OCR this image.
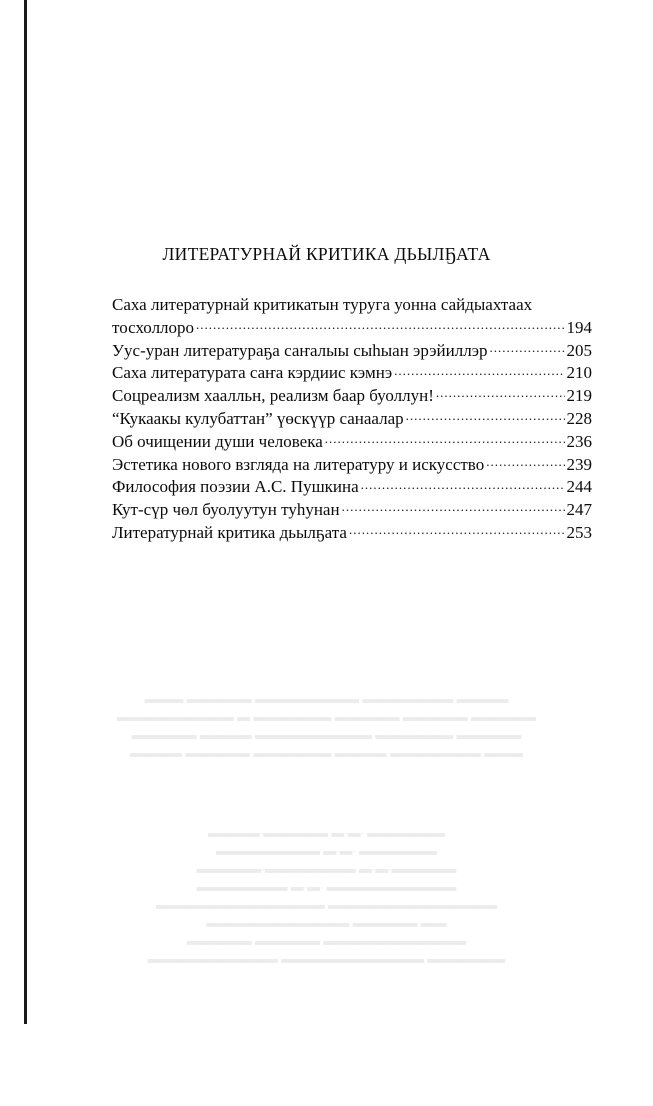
ЛИТЕРАТУРНАЙ КРИТИКА ДЬЫЛҔАТА
Саха литературнай критикатын туруга уонна сайдыахтаах
тосхоллоро .....	194
Уус-уран литератураҕа саҥалыы сыһыан эрэйиллэр .....	205
Саха литературата саҥа кэрдиис кэмнэ .....	210
Соцреализм хаалльн, реализм баар буоллун! .....	219
“Кукаакы кулубаттан” үөскүүр санаалар .....	228
Об очищении души человека .....	236
Эстетика нового взгляда на литературу и искусство .....	239
Философия поэзии А.С. Пушкина .....	244
Кут-сүр чөл буолуутун туһунан .....	247
Литературнай критика дьылҕата .....	253
▬▬▬ ▬▬▬▬▬ ▬▬▬▬▬▬▬▬ ▬▬▬▬▬▬▬ ▬▬▬▬
▬▬▬▬▬▬▬▬▬ ▬ ▬▬▬▬▬▬ ▬▬▬▬▬ ▬▬▬▬▬ ▬▬▬▬▬
▬▬▬▬▬ ▬▬▬▬ ▬▬▬▬▬▬▬▬▬ ▬▬▬▬▬▬ ▬▬▬▬▬
▬▬▬▬ ▬▬▬▬▬ ▬▬▬▬▬▬ ▬▬▬▬ ▬▬▬▬▬▬▬ ▬▬▬
▬▬▬▬▬▬▬▬▬▬ ▬▬▬▬▬▬▬▬▬▬▬ ▬▬▬▬▬▬
▬▬▬▬▬ ▬▬▬▬▬ ▬▬▬▬▬▬▬▬▬▬▬
▬▬▬▬▬▬▬▬▬▬▬ ▬▬▬▬▬ ▬▬
▬▬▬▬▬▬▬▬▬▬▬▬▬ ▬▬▬▬▬▬▬▬▬▬▬▬▬
▬▬▬▬▬▬▬ ▬.▬. ▬▬▬▬▬▬▬▬▬▬
▬▬▬▬▬.▬▬▬▬▬▬▬ ▬.▬.▬▬▬▬▬
▬▬▬▬▬▬▬▬ ▬.▬. ▬▬▬▬▬▬
▬▬▬▬.▬▬▬▬▬ ▬.▬. ▬▬▬▬▬▬
